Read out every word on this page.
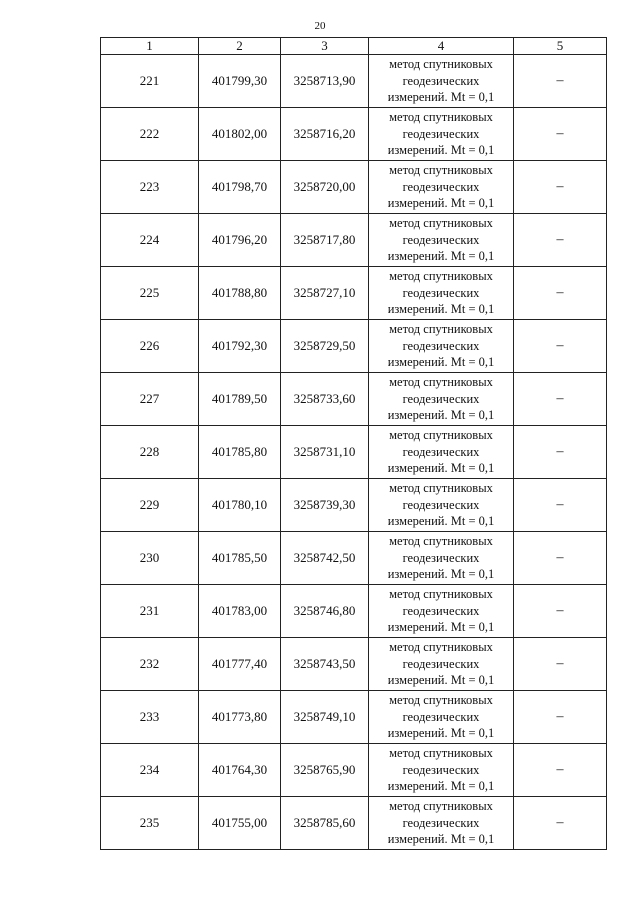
20
1	2	3	4	5
221	401799,30	3258713,90	метод спутниковых
геодезических
измерений. Mt = 0,1	–
222	401802,00	3258716,20	метод спутниковых
геодезических
измерений. Mt = 0,1	–
223	401798,70	3258720,00	метод спутниковых
геодезических
измерений. Mt = 0,1	–
224	401796,20	3258717,80	метод спутниковых
геодезических
измерений. Mt = 0,1	–
225	401788,80	3258727,10	метод спутниковых
геодезических
измерений. Mt = 0,1	–
226	401792,30	3258729,50	метод спутниковых
геодезических
измерений. Mt = 0,1	–
227	401789,50	3258733,60	метод спутниковых
геодезических
измерений. Mt = 0,1	–
228	401785,80	3258731,10	метод спутниковых
геодезических
измерений. Mt = 0,1	–
229	401780,10	3258739,30	метод спутниковых
геодезических
измерений. Mt = 0,1	–
230	401785,50	3258742,50	метод спутниковых
геодезических
измерений. Mt = 0,1	–
231	401783,00	3258746,80	метод спутниковых
геодезических
измерений. Mt = 0,1	–
232	401777,40	3258743,50	метод спутниковых
геодезических
измерений. Mt = 0,1	–
233	401773,80	3258749,10	метод спутниковых
геодезических
измерений. Mt = 0,1	–
234	401764,30	3258765,90	метод спутниковых
геодезических
измерений. Mt = 0,1	–
235	401755,00	3258785,60	метод спутниковых
геодезических
измерений. Mt = 0,1	–
